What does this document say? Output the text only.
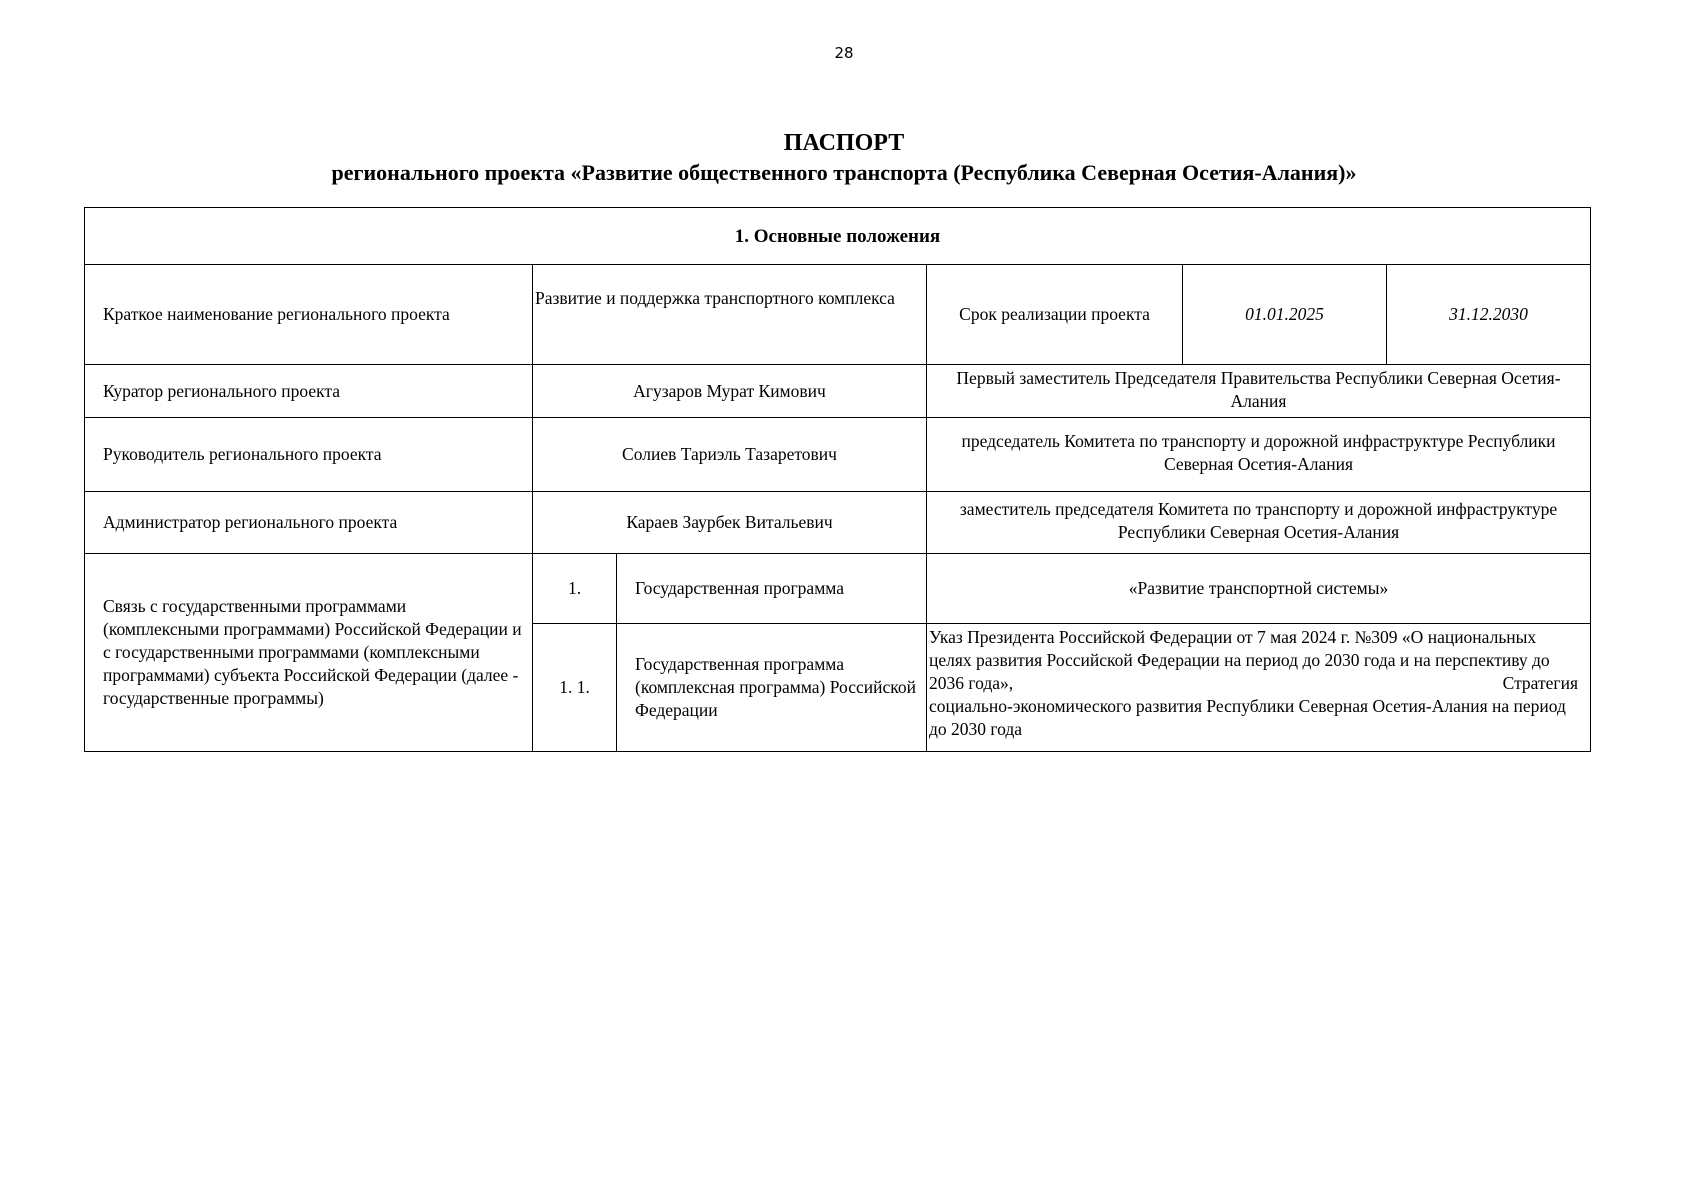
28
ПАСПОРТ
регионального проекта «Развитие общественного транспорта (Республика Северная Осетия-Алания)»
1. Основные положения					
Краткое наименование регионального проекта	Развитие и поддержка транспортного комплекса		Срок реализации проекта	01.01.2025	31.12.2030
Куратор регионального проекта	Агузаров Мурат Кимович		Первый заместитель Председателя Правительства Республики Северная Осетия-Алания		
Руководитель регионального проекта	Солиев Тариэль Тазаретович		председатель Комитета по транспорту и дорожной инфраструктуре Республики Северная Осетия-Алания		
Администратор регионального проекта	Караев Заурбек Витальевич		заместитель председателя Комитета по транспорту и дорожной инфраструктуре Республики Северная Осетия-Алания		
Связь с государственными программами (комплексными программами) Российской Федерации и с государственными программами (комплексными программами) субъекта Российской Федерации (далее - государственные программы)	1.	Государственная программа	«Развитие транспортной системы»		
	1. 1.	Государственная программа (комплексная программа) Российской Федерации	Указ Президента Российской Федерации от 7 мая 2024 г. №309 «О национальных целях развития Российской Федерации на период до 2030 года и на перспективу до 2036 года», Стратегия
социально-экономического развития Республики Северная Осетия-Алания на период до 2030 года		
